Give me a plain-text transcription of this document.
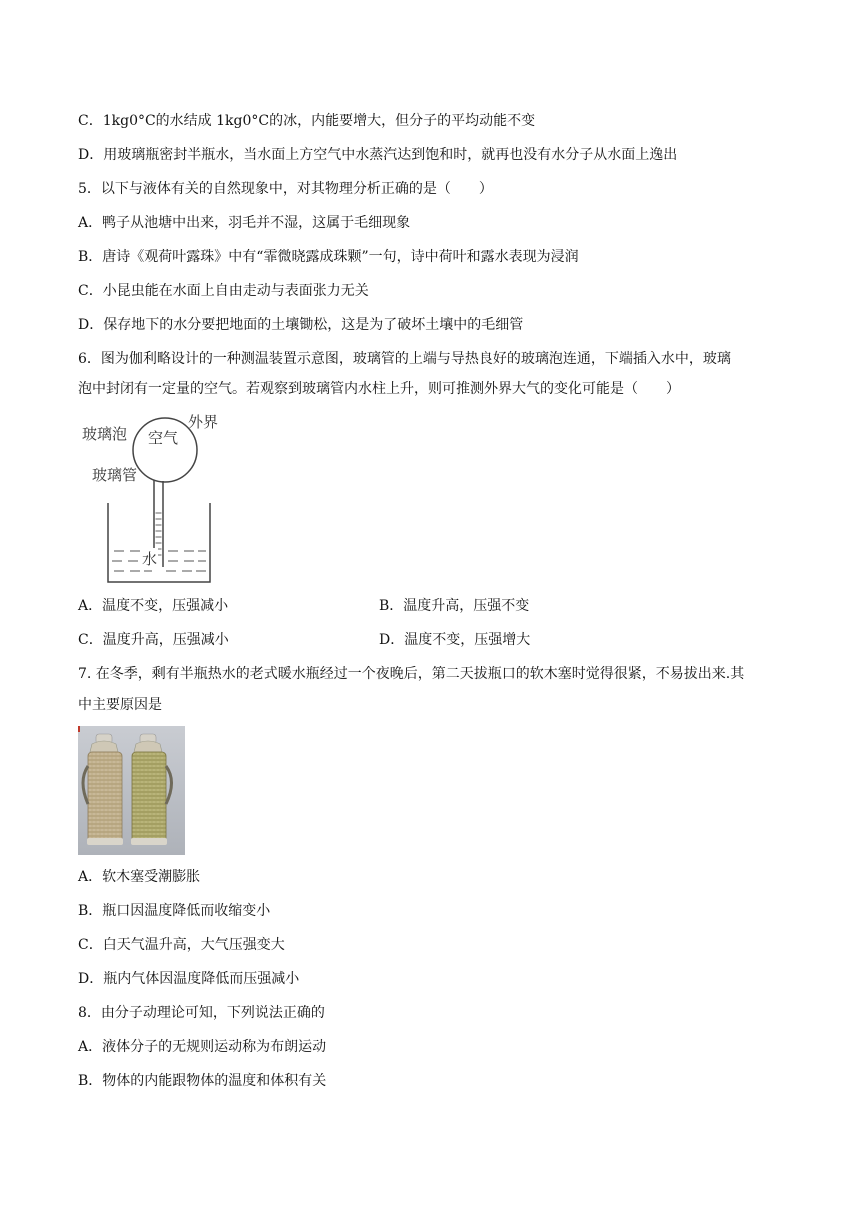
C．1kg0°C的水结成 1kg0°C的冰，内能要增大，但分子的平均动能不变
D．用玻璃瓶密封半瓶水，当水面上方空气中水蒸汽达到饱和时，就再也没有水分子从水面上逸出
5．以下与液体有关的自然现象中，对其物理分析正确的是（　　）
A．鸭子从池塘中出来，羽毛并不湿，这属于毛细现象
B．唐诗《观荷叶露珠》中有“霏微晓露成珠颗”一句，诗中荷叶和露水表现为浸润
C．小昆虫能在水面上自由走动与表面张力无关
D．保存地下的水分要把地面的土壤锄松，这是为了破坏土壤中的毛细管
6．图为伽利略设计的一种测温装置示意图，玻璃管的上端与导热良好的玻璃泡连通，下端插入水中，玻璃
泡中封闭有一定量的空气。若观察到玻璃管内水柱上升，则可推测外界大气的变化可能是（　　）
玻璃泡 空气
外界
玻璃管
水
A．温度不变，压强减小	B．温度升高，压强不变
C．温度升高，压强减小	D．温度不变，压强增大
7. 在冬季，剩有半瓶热水的老式暖水瓶经过一个夜晚后，第二天拔瓶口的软木塞时觉得很紧，不易拔出来.其
中主要原因是
A．软木塞受潮膨胀
B．瓶口因温度降低而收缩变小
C．白天气温升高，大气压强变大
D．瓶内气体因温度降低而压强减小
8．由分子动理论可知，下列说法正确的
A．液体分子的无规则运动称为布朗运动
B．物体的内能跟物体的温度和体积有关
